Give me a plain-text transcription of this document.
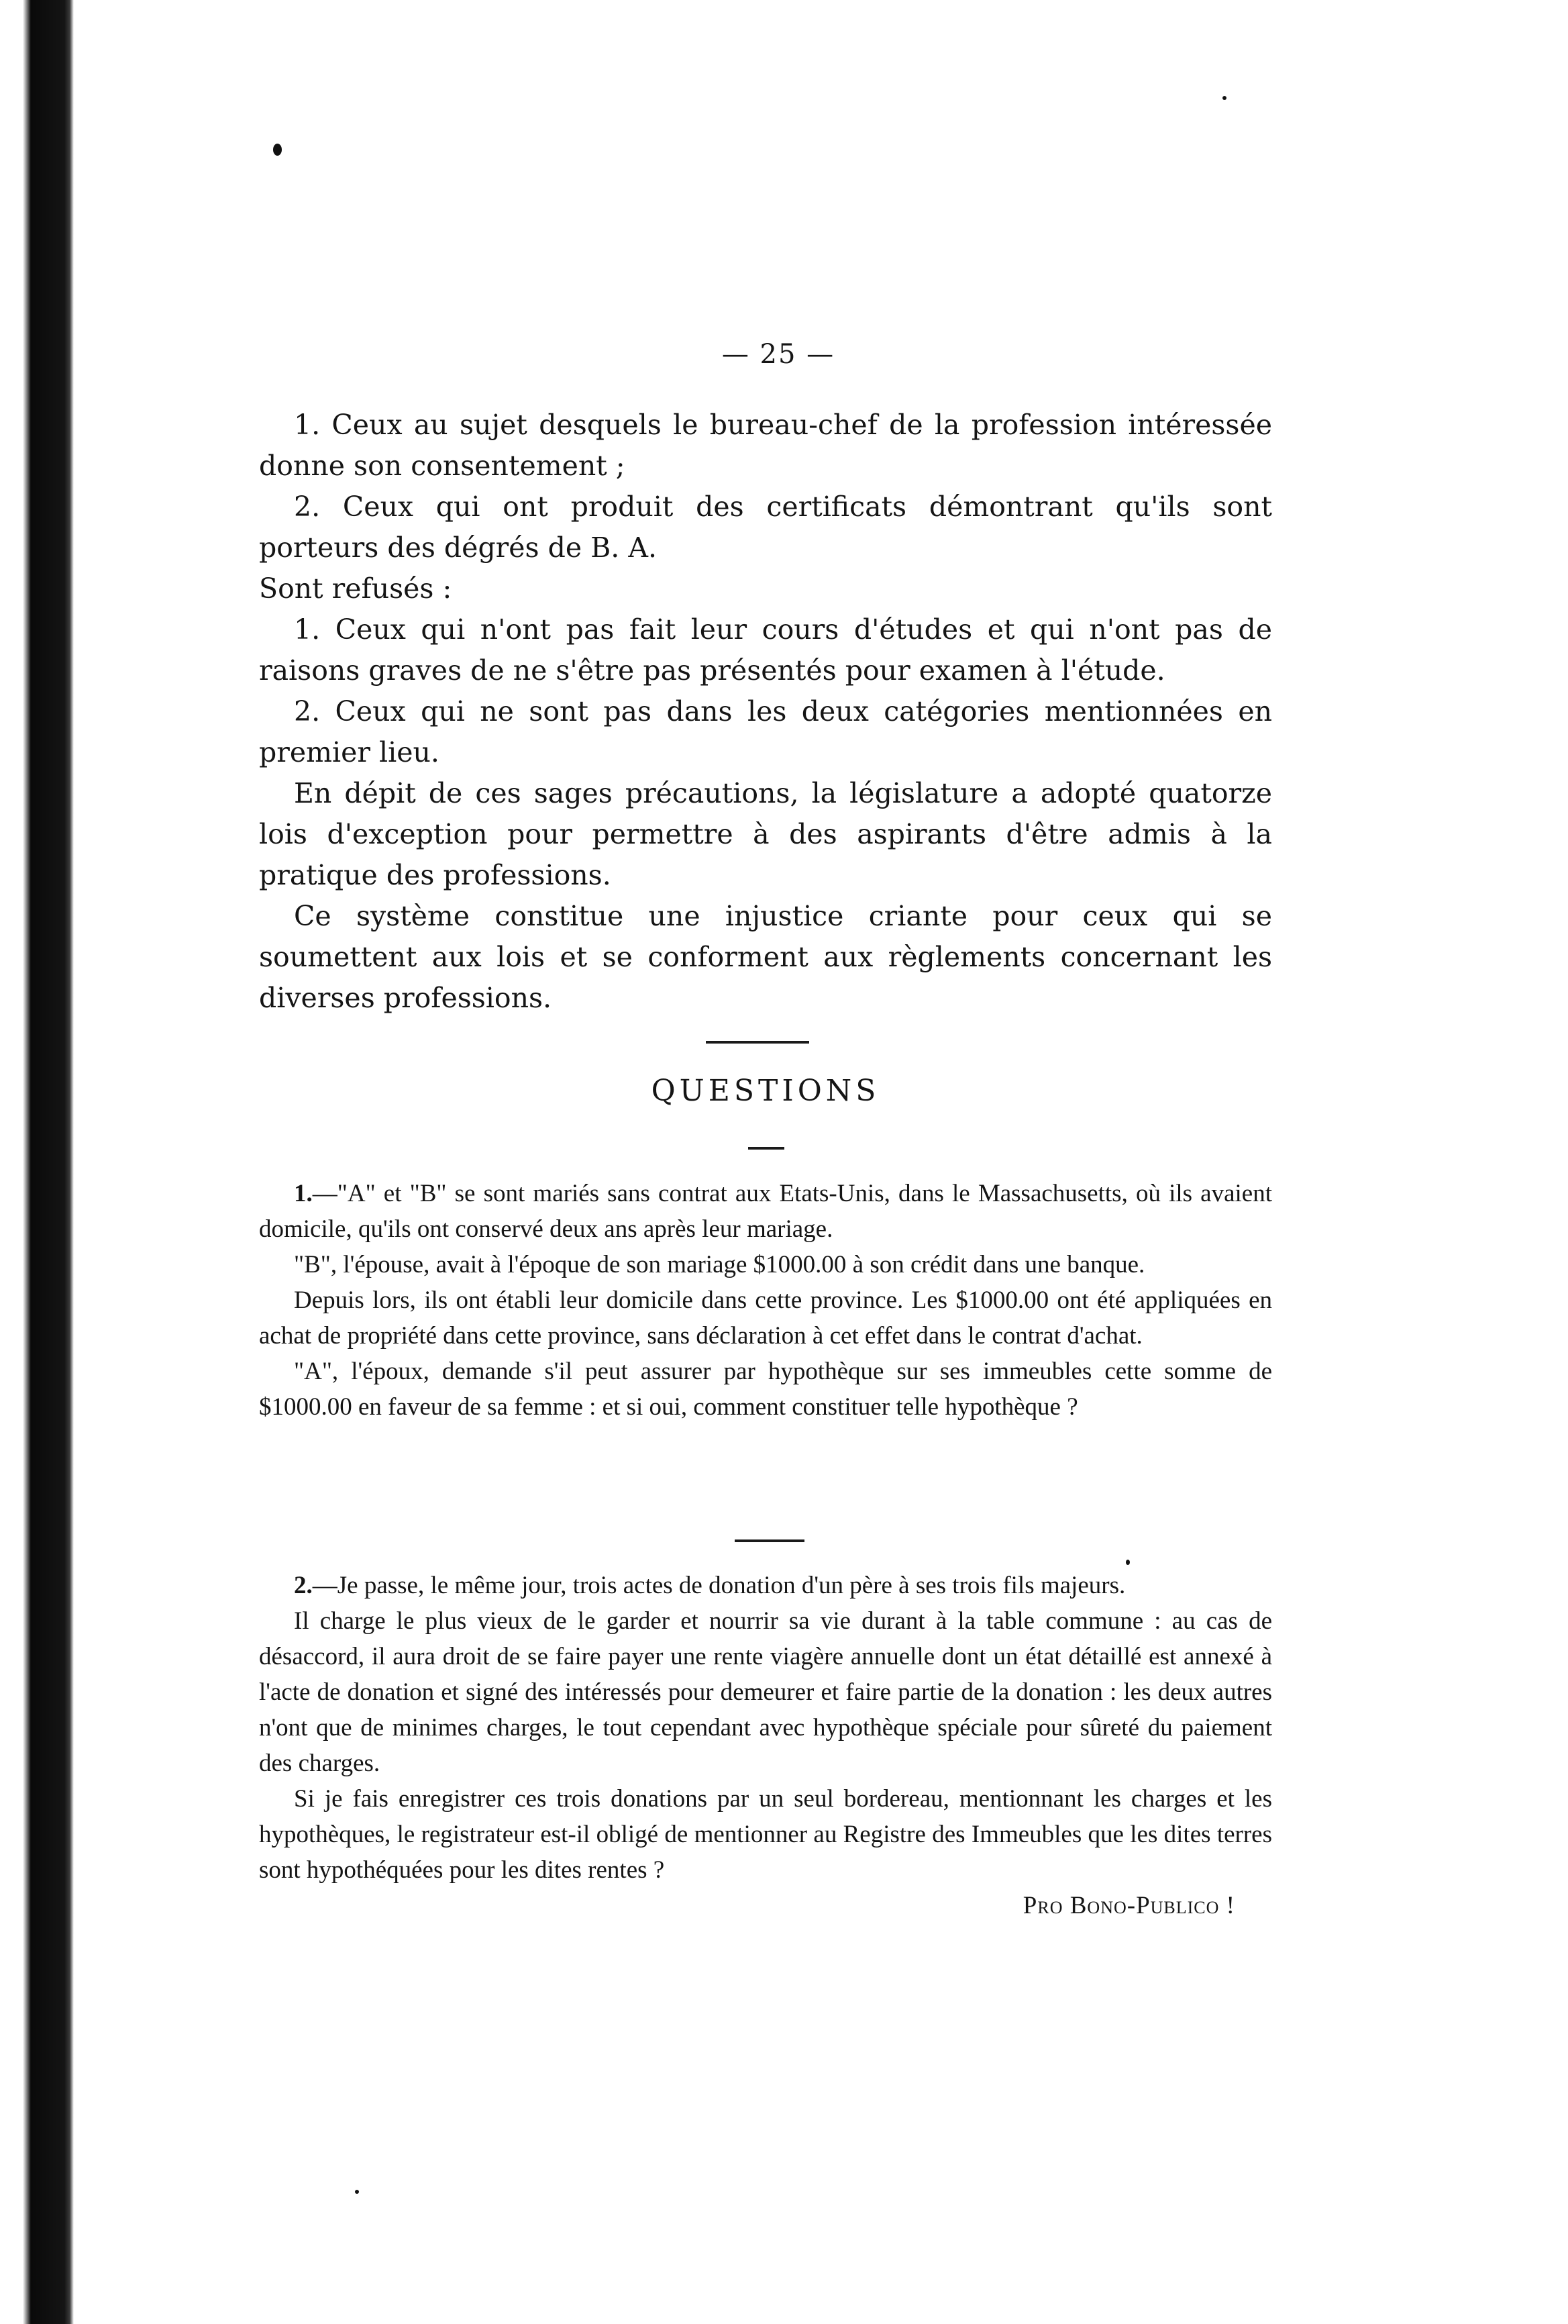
— 25 —

1. Ceux au sujet desquels le bureau-chef de la profession intéressée donne son consentement ;

2. Ceux qui ont produit des certificats démontrant qu'ils sont porteurs des dégrés de B. A.

Sont refusés :

1. Ceux qui n'ont pas fait leur cours d'études et qui n'ont pas de raisons graves de ne s'être pas présentés pour examen à l'étude.

2. Ceux qui ne sont pas dans les deux catégories mentionnées en premier lieu.

En dépit de ces sages précautions, la législature a adopté quatorze lois d'exception pour permettre à des aspirants d'être admis à la pratique des professions.

Ce système constitue une injustice criante pour ceux qui se soumettent aux lois et se conforment aux règlements concernant les diverses professions.

QUESTIONS

1.—"A" et "B" se sont mariés sans contrat aux Etats-Unis, dans le Massachusetts, où ils avaient domicile, qu'ils ont conservé deux ans après leur mariage.

"B", l'épouse, avait à l'époque de son mariage $1000.00 à son crédit dans une banque.

Depuis lors, ils ont établi leur domicile dans cette province. Les $1000.00 ont été appliquées en achat de propriété dans cette province, sans déclaration à cet effet dans le contrat d'achat.

"A", l'époux, demande s'il peut assurer par hypothèque sur ses immeubles cette somme de $1000.00 en faveur de sa femme : et si oui, comment constituer telle hypothèque ?

2.—Je passe, le même jour, trois actes de donation d'un père à ses trois fils majeurs.

Il charge le plus vieux de le garder et nourrir sa vie durant à la table commune : au cas de désaccord, il aura droit de se faire payer une rente viagère annuelle dont un état détaillé est annexé à l'acte de donation et signé des intéressés pour demeurer et faire partie de la donation : les deux autres n'ont que de minimes charges, le tout cependant avec hypothèque spéciale pour sûreté du paiement des charges.

Si je fais enregistrer ces trois donations par un seul bordereau, mentionnant les charges et les hypothèques, le registrateur est-il obligé de mentionner au Registre des Immeubles que les dites terres sont hypothéquées pour les dites rentes ?

Pro Bono-Publico !
